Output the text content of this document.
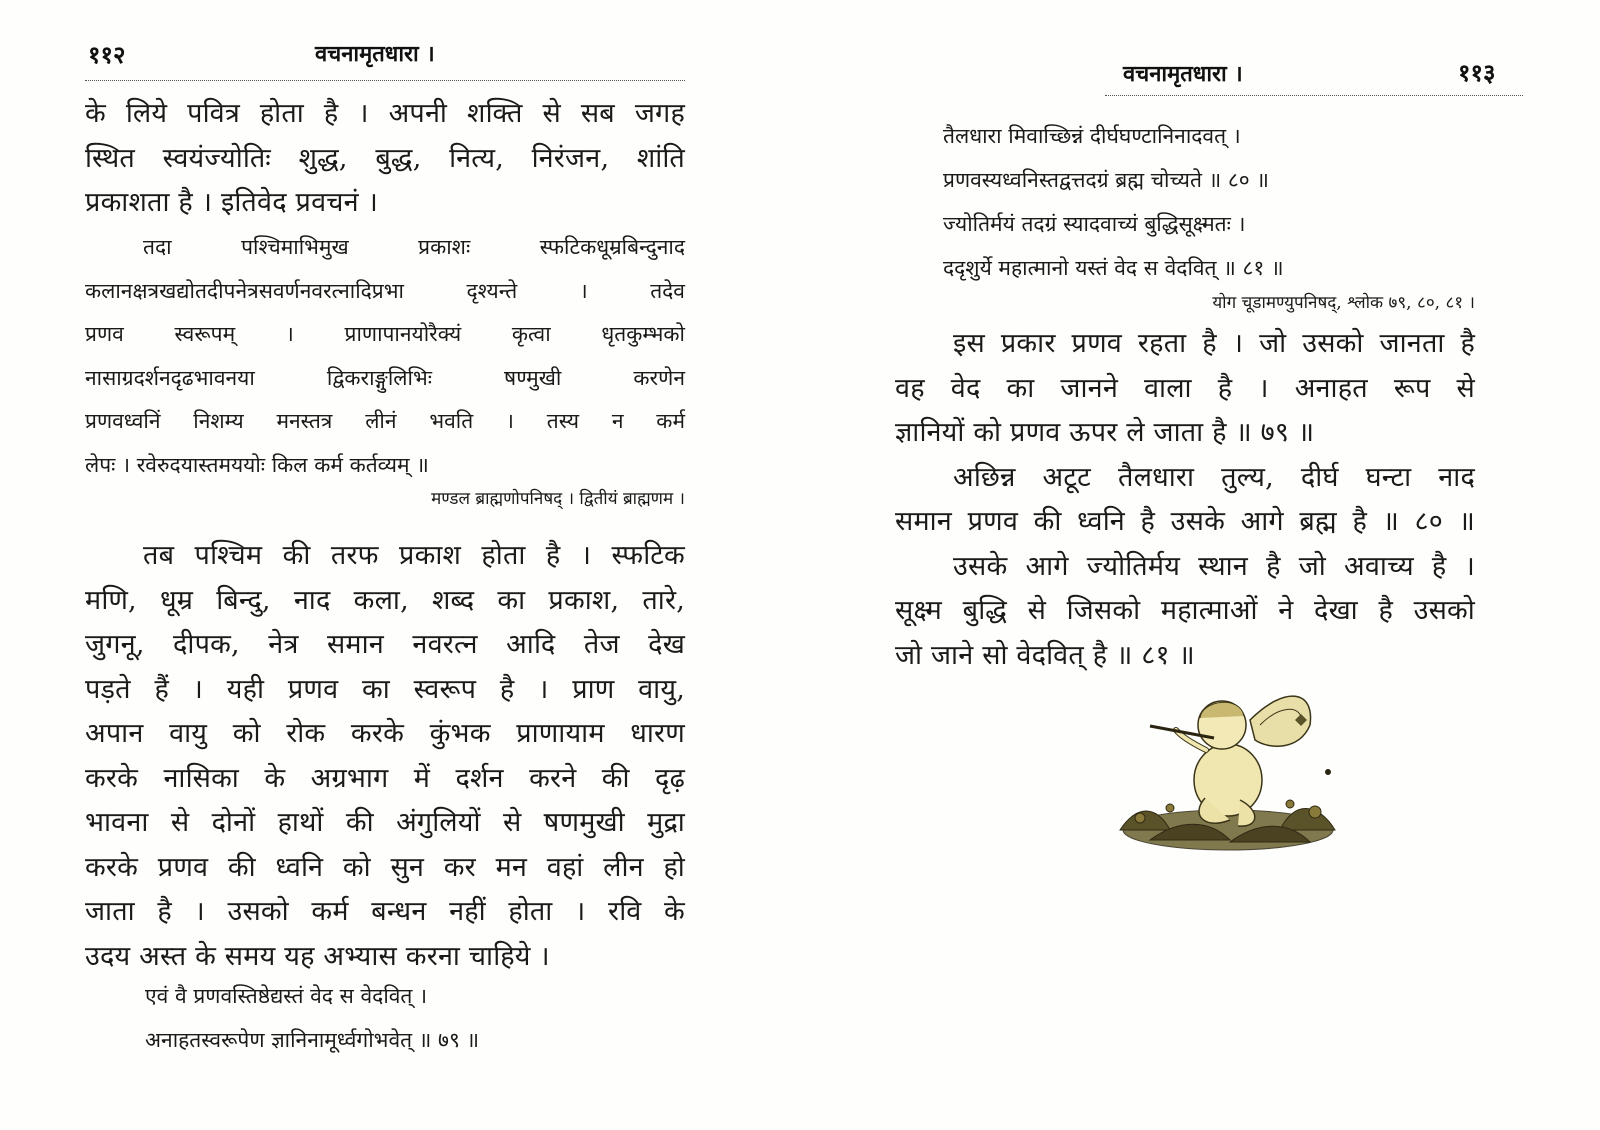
११२	वचनामृतधारा ।
के लिये पवित्र होता है । अपनी शक्ति से सब जगह
स्थित स्वयंज्योतिः शुद्ध, बुद्ध, नित्य, निरंजन, शांति
प्रकाशता है । इतिवेद प्रवचनं ।
तदा पश्चिमाभिमुख प्रकाशः स्फटिकधूम्रबिन्दुनाद
कलानक्षत्रखद्योतदीपनेत्रसवर्णनवरत्नादिप्रभा दृश्यन्ते । तदेव
प्रणव स्वरूपम् । प्राणापानयोरैक्यं कृत्वा धृतकुम्भको
नासाग्रदर्शनदृढभावनया द्विकराङ्गुलिभिः षण्मुखी करणेन
प्रणवध्वनिं निशम्य मनस्तत्र लीनं भवति । तस्य न कर्म
लेपः । रवेरुदयास्तमययोः किल कर्म कर्तव्यम् ॥
मण्डल ब्राह्मणोपनिषद् । द्वितीयं ब्राह्मणम ।
तब पश्चिम की तरफ प्रकाश होता है । स्फटिक
मणि, धूम्र बिन्दु, नाद कला, शब्द का प्रकाश, तारे,
जुगनू, दीपक, नेत्र समान नवरत्न आदि तेज देख
पड़ते हैं । यही प्रणव का स्वरूप है । प्राण वायु,
अपान वायु को रोक करके कुंभक प्राणायाम धारण
करके नासिका के अग्रभाग में दर्शन करने की दृढ़
भावना से दोनों हाथों की अंगुलियों से षणमुखी मुद्रा
करके प्रणव की ध्वनि को सुन कर मन वहां लीन हो
जाता है । उसको कर्म बन्धन नहीं होता । रवि के
उदय अस्त के समय यह अभ्यास करना चाहिये ।
एवं वै प्रणवस्तिष्ठेद्यस्तं वेद स वेदवित् ।
अनाहतस्वरूपेण ज्ञानिनामूर्ध्वगोभवेत् ॥ ७९ ॥
वचनामृतधारा ।	११३
तैलधारा मिवाच्छिन्नं दीर्घघण्टानिनादवत् ।
प्रणवस्यध्वनिस्तद्वत्तदग्रं ब्रह्म चोच्यते ॥ ८० ॥
ज्योतिर्मयं तदग्रं स्यादवाच्यं बुद्धिसूक्ष्मतः ।
ददृशुर्ये महात्मानो यस्तं वेद स वेदवित् ॥ ८१ ॥
योग चूडामण्युपनिषद्, श्लोक ७९, ८०, ८१ ।
इस प्रकार प्रणव रहता है । जो उसको जानता है
वह वेद का जानने वाला है । अनाहत रूप से
ज्ञानियों को प्रणव ऊपर ले जाता है ॥ ७९ ॥
अछिन्न अटूट तैलधारा तुल्य, दीर्घ घन्टा नाद
समान प्रणव की ध्वनि है उसके आगे ब्रह्म है ॥ ८० ॥
उसके आगे ज्योतिर्मय स्थान है जो अवाच्य है ।
सूक्ष्म बुद्धि से जिसको महात्माओं ने देखा है उसको
जो जाने सो वेदवित् है ॥ ८१ ॥
